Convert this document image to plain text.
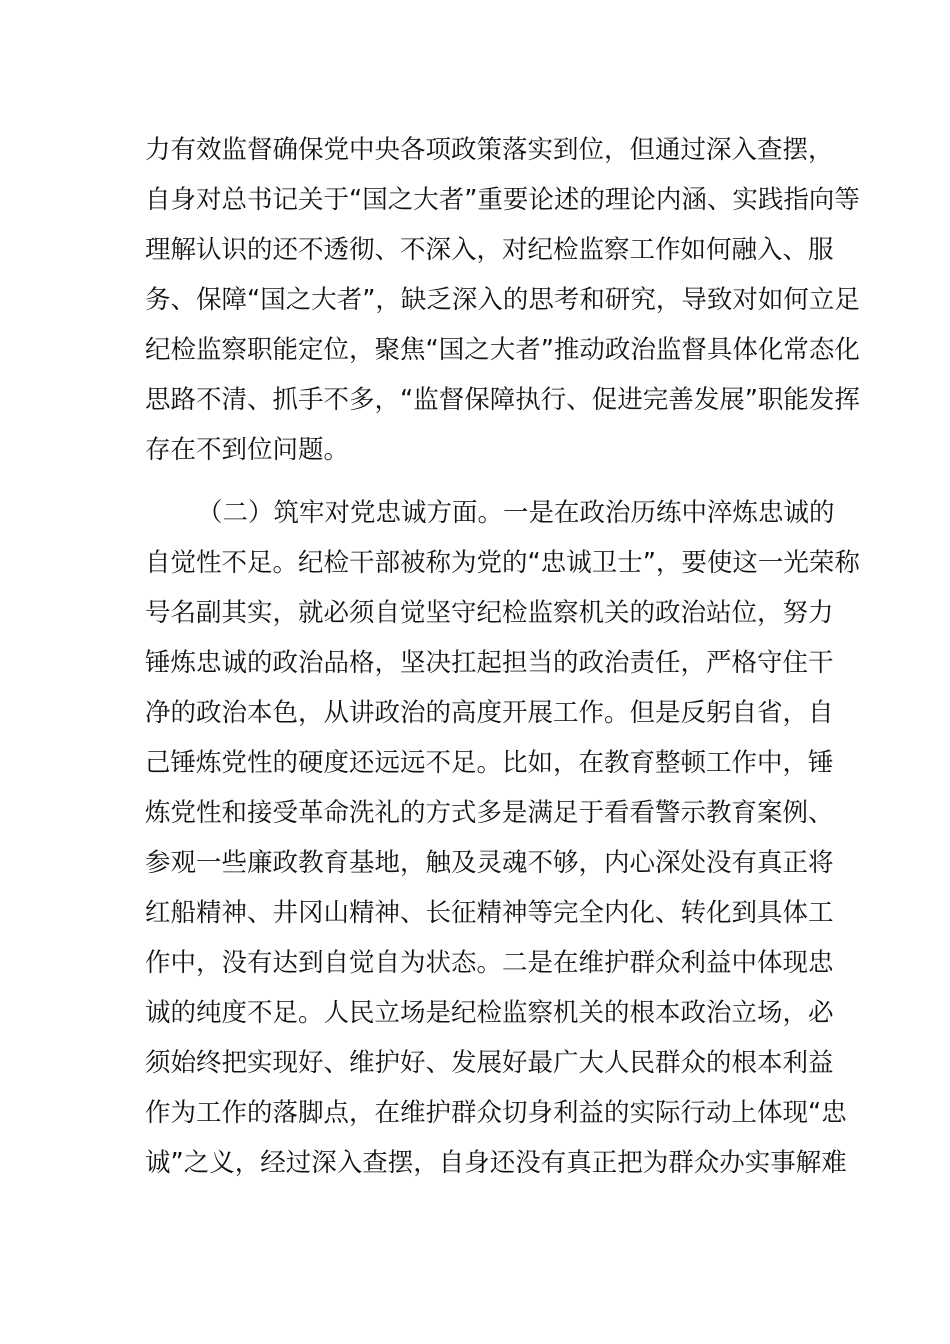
力有效监督确保党中央各项政策落实到位，但通过深入查摆，
自身对总书记关于“国之大者”重要论述的理论内涵、实践指向等
理解认识的还不透彻、不深入，对纪检监察工作如何融入、服
务、保障“国之大者”，缺乏深入的思考和研究，导致对如何立足
纪检监察职能定位，聚焦“国之大者”推动政治监督具体化常态化
思路不清、抓手不多，“监督保障执行、促进完善发展”职能发挥
存在不到位问题。
（二）筑牢对党忠诚方面。一是在政治历练中淬炼忠诚的
自觉性不足。纪检干部被称为党的“忠诚卫士”，要使这一光荣称
号名副其实，就必须自觉坚守纪检监察机关的政治站位，努力
锤炼忠诚的政治品格，坚决扛起担当的政治责任，严格守住干
净的政治本色，从讲政治的高度开展工作。但是反躬自省，自
己锤炼党性的硬度还远远不足。比如，在教育整顿工作中，锤
炼党性和接受革命洗礼的方式多是满足于看看警示教育案例、
参观一些廉政教育基地，触及灵魂不够，内心深处没有真正将
红船精神、井冈山精神、长征精神等完全内化、转化到具体工
作中，没有达到自觉自为状态。二是在维护群众利益中体现忠
诚的纯度不足。人民立场是纪检监察机关的根本政治立场，必
须始终把实现好、维护好、发展好最广大人民群众的根本利益
作为工作的落脚点，在维护群众切身利益的实际行动上体现“忠
诚”之义，经过深入查摆，自身还没有真正把为群众办实事解难
